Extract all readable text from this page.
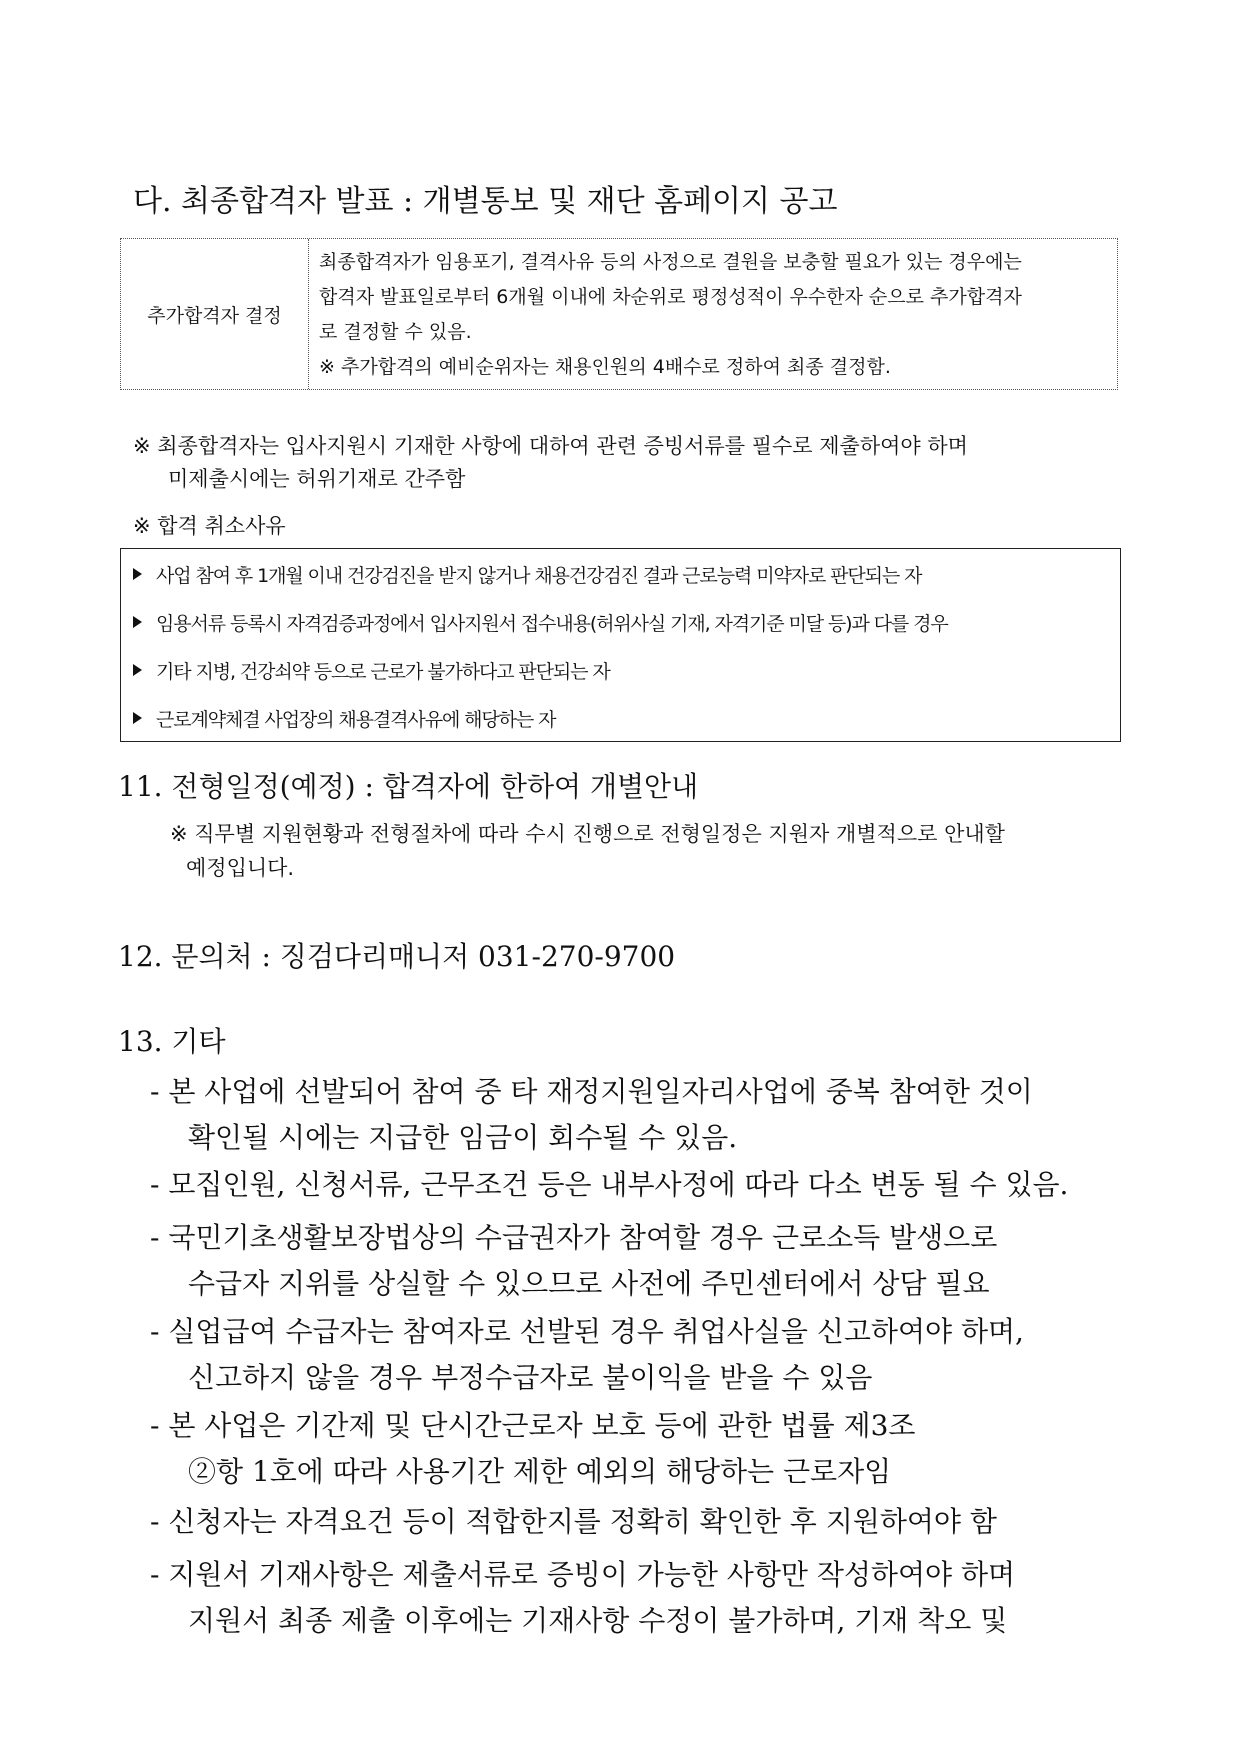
다. 최종합격자 발표 : 개별통보 및 재단 홈페이지 공고
추가합격자 결정
최종합격자가 임용포기, 결격사유 등의 사정으로 결원을 보충할 필요가 있는 경우에는
합격자 발표일로부터 6개월 이내에 차순위로 평정성적이 우수한자 순으로 추가합격자
로 결정할 수 있음.
※ 추가합격의 예비순위자는 채용인원의 4배수로 정하여 최종 결정함.
※ 최종합격자는 입사지원시 기재한 사항에 대하여 관련 증빙서류를 필수로 제출하여야 하며
미제출시에는 허위기재로 간주함
※ 합격 취소사유
사업 참여 후 1개월 이내 건강검진을 받지 않거나 채용건강검진 결과 근로능력 미약자로 판단되는 자
임용서류 등록시 자격검증과정에서 입사지원서 접수내용(허위사실 기재, 자격기준 미달 등)과 다를 경우
기타 지병, 건강쇠약 등으로 근로가 불가하다고 판단되는 자
근로계약체결 사업장의 채용결격사유에 해당하는 자
11. 전형일정(예정) : 합격자에 한하여 개별안내
※ 직무별 지원현황과 전형절차에 따라 수시 진행으로 전형일정은 지원자 개별적으로 안내할
예정입니다.
12. 문의처 : 징검다리매니저 031-270-9700
13. 기타
- 본 사업에 선발되어 참여 중 타 재정지원일자리사업에 중복 참여한 것이
확인될 시에는 지급한 임금이 회수될 수 있음.
- 모집인원, 신청서류, 근무조건 등은 내부사정에 따라 다소 변동 될 수 있음.
- 국민기초생활보장법상의 수급권자가 참여할 경우 근로소득 발생으로
수급자 지위를 상실할 수 있으므로 사전에 주민센터에서 상담 필요
- 실업급여 수급자는 참여자로 선발된 경우 취업사실을 신고하여야 하며,
신고하지 않을 경우 부정수급자로 불이익을 받을 수 있음
- 본 사업은 기간제 및 단시간근로자 보호 등에 관한 법률 제3조
②항 1호에 따라 사용기간 제한 예외의 해당하는 근로자임
- 신청자는 자격요건 등이 적합한지를 정확히 확인한 후 지원하여야 함
- 지원서 기재사항은 제출서류로 증빙이 가능한 사항만 작성하여야 하며
지원서 최종 제출 이후에는 기재사항 수정이 불가하며, 기재 착오 및
